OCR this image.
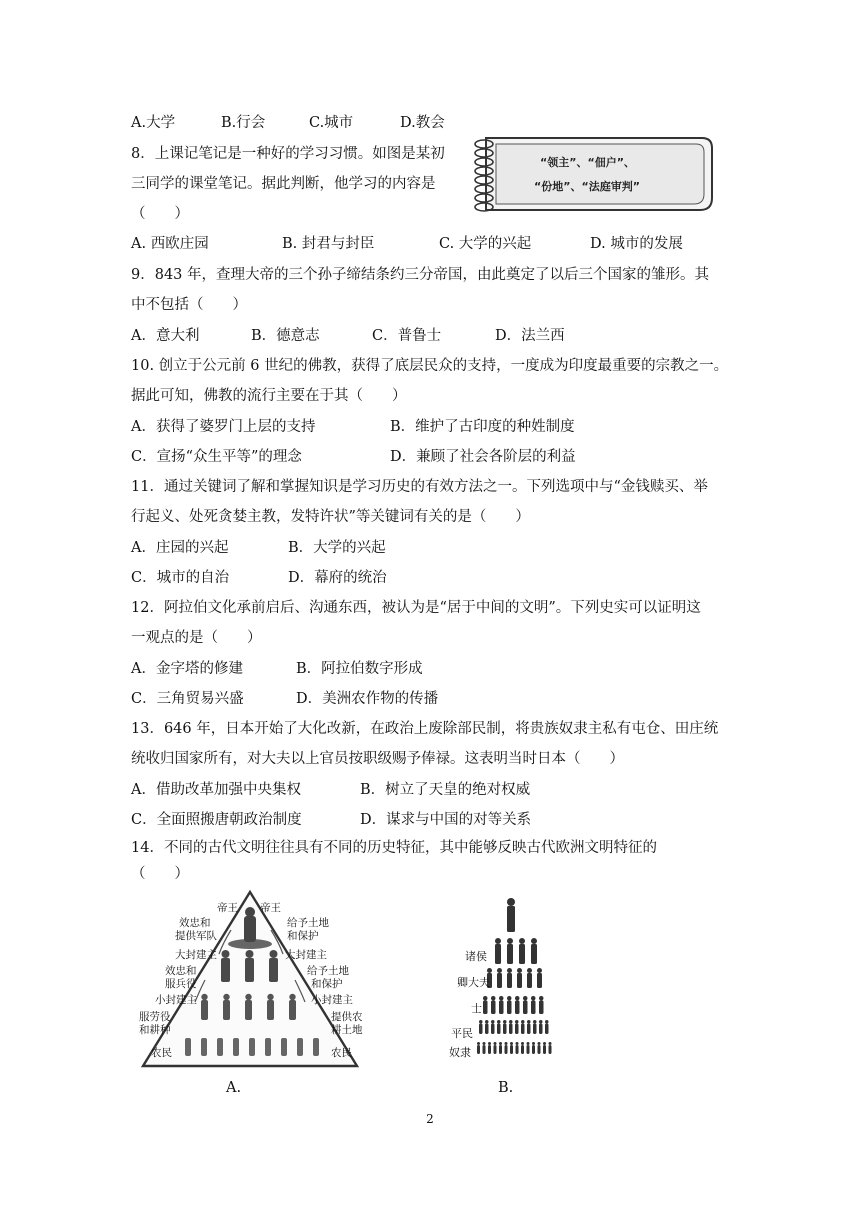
A.大学	B.行会	C.城市	D.教会
8．上课记笔记是一种好的学习习惯。如图是某初
三同学的课堂笔记。据此判断，他学习的内容是
（　　）
“领主”、“佃户”、
“份地”、“法庭审判”
A. 西欧庄园	B. 封君与封臣	C. 大学的兴起	D. 城市的发展
9．843 年，查理大帝的三个孙子缔结条约三分帝国，由此奠定了以后三个国家的雏形。其
中不包括（　　）
A．意大利	B．德意志	C．普鲁士	D．法兰西
10. 创立于公元前 6 世纪的佛教，获得了底层民众的支持，一度成为印度最重要的宗教之一。
据此可知，佛教的流行主要在于其（　　）
A．获得了婆罗门上层的支持	B．维护了古印度的种姓制度
C．宣扬“众生平等”的理念	D．兼顾了社会各阶层的利益
11．通过关键词了解和掌握知识是学习历史的有效方法之一。下列选项中与“金钱赎买、举
行起义、处死贪婪主教，发特许状”等关键词有关的是（　　）
A．庄园的兴起	B．大学的兴起
C．城市的自治	D．幕府的统治
12．阿拉伯文化承前启后、沟通东西，被认为是“居于中间的文明”。下列史实可以证明这
一观点的是（　　）
A．金字塔的修建	B．阿拉伯数字形成
C．三角贸易兴盛	D．美洲农作物的传播
13．646 年，日本开始了大化改新，在政治上废除部民制，将贵族奴隶主私有屯仓、田庄统
统收归国家所有，对大夫以上官员按职级赐予俸禄。这表明当时日本（　　）
A．借助改革加强中央集权	B．树立了天皇的绝对权威
C．全面照搬唐朝政治制度	D．谋求与中国的对等关系
14．不同的古代文明往往具有不同的历史特征，其中能够反映古代欧洲文明特征的
（　　）
帝王 帝王
效忠和
提供军队
给予土地
和保护
大封建主	大封建主
效忠和
服兵役
给予土地
和保护
小封建主	小封建主
服劳役
和耕种
提供农
耕土地
农民	农民
A.
诸侯
卿大夫
士
平民
奴隶
B.
2
